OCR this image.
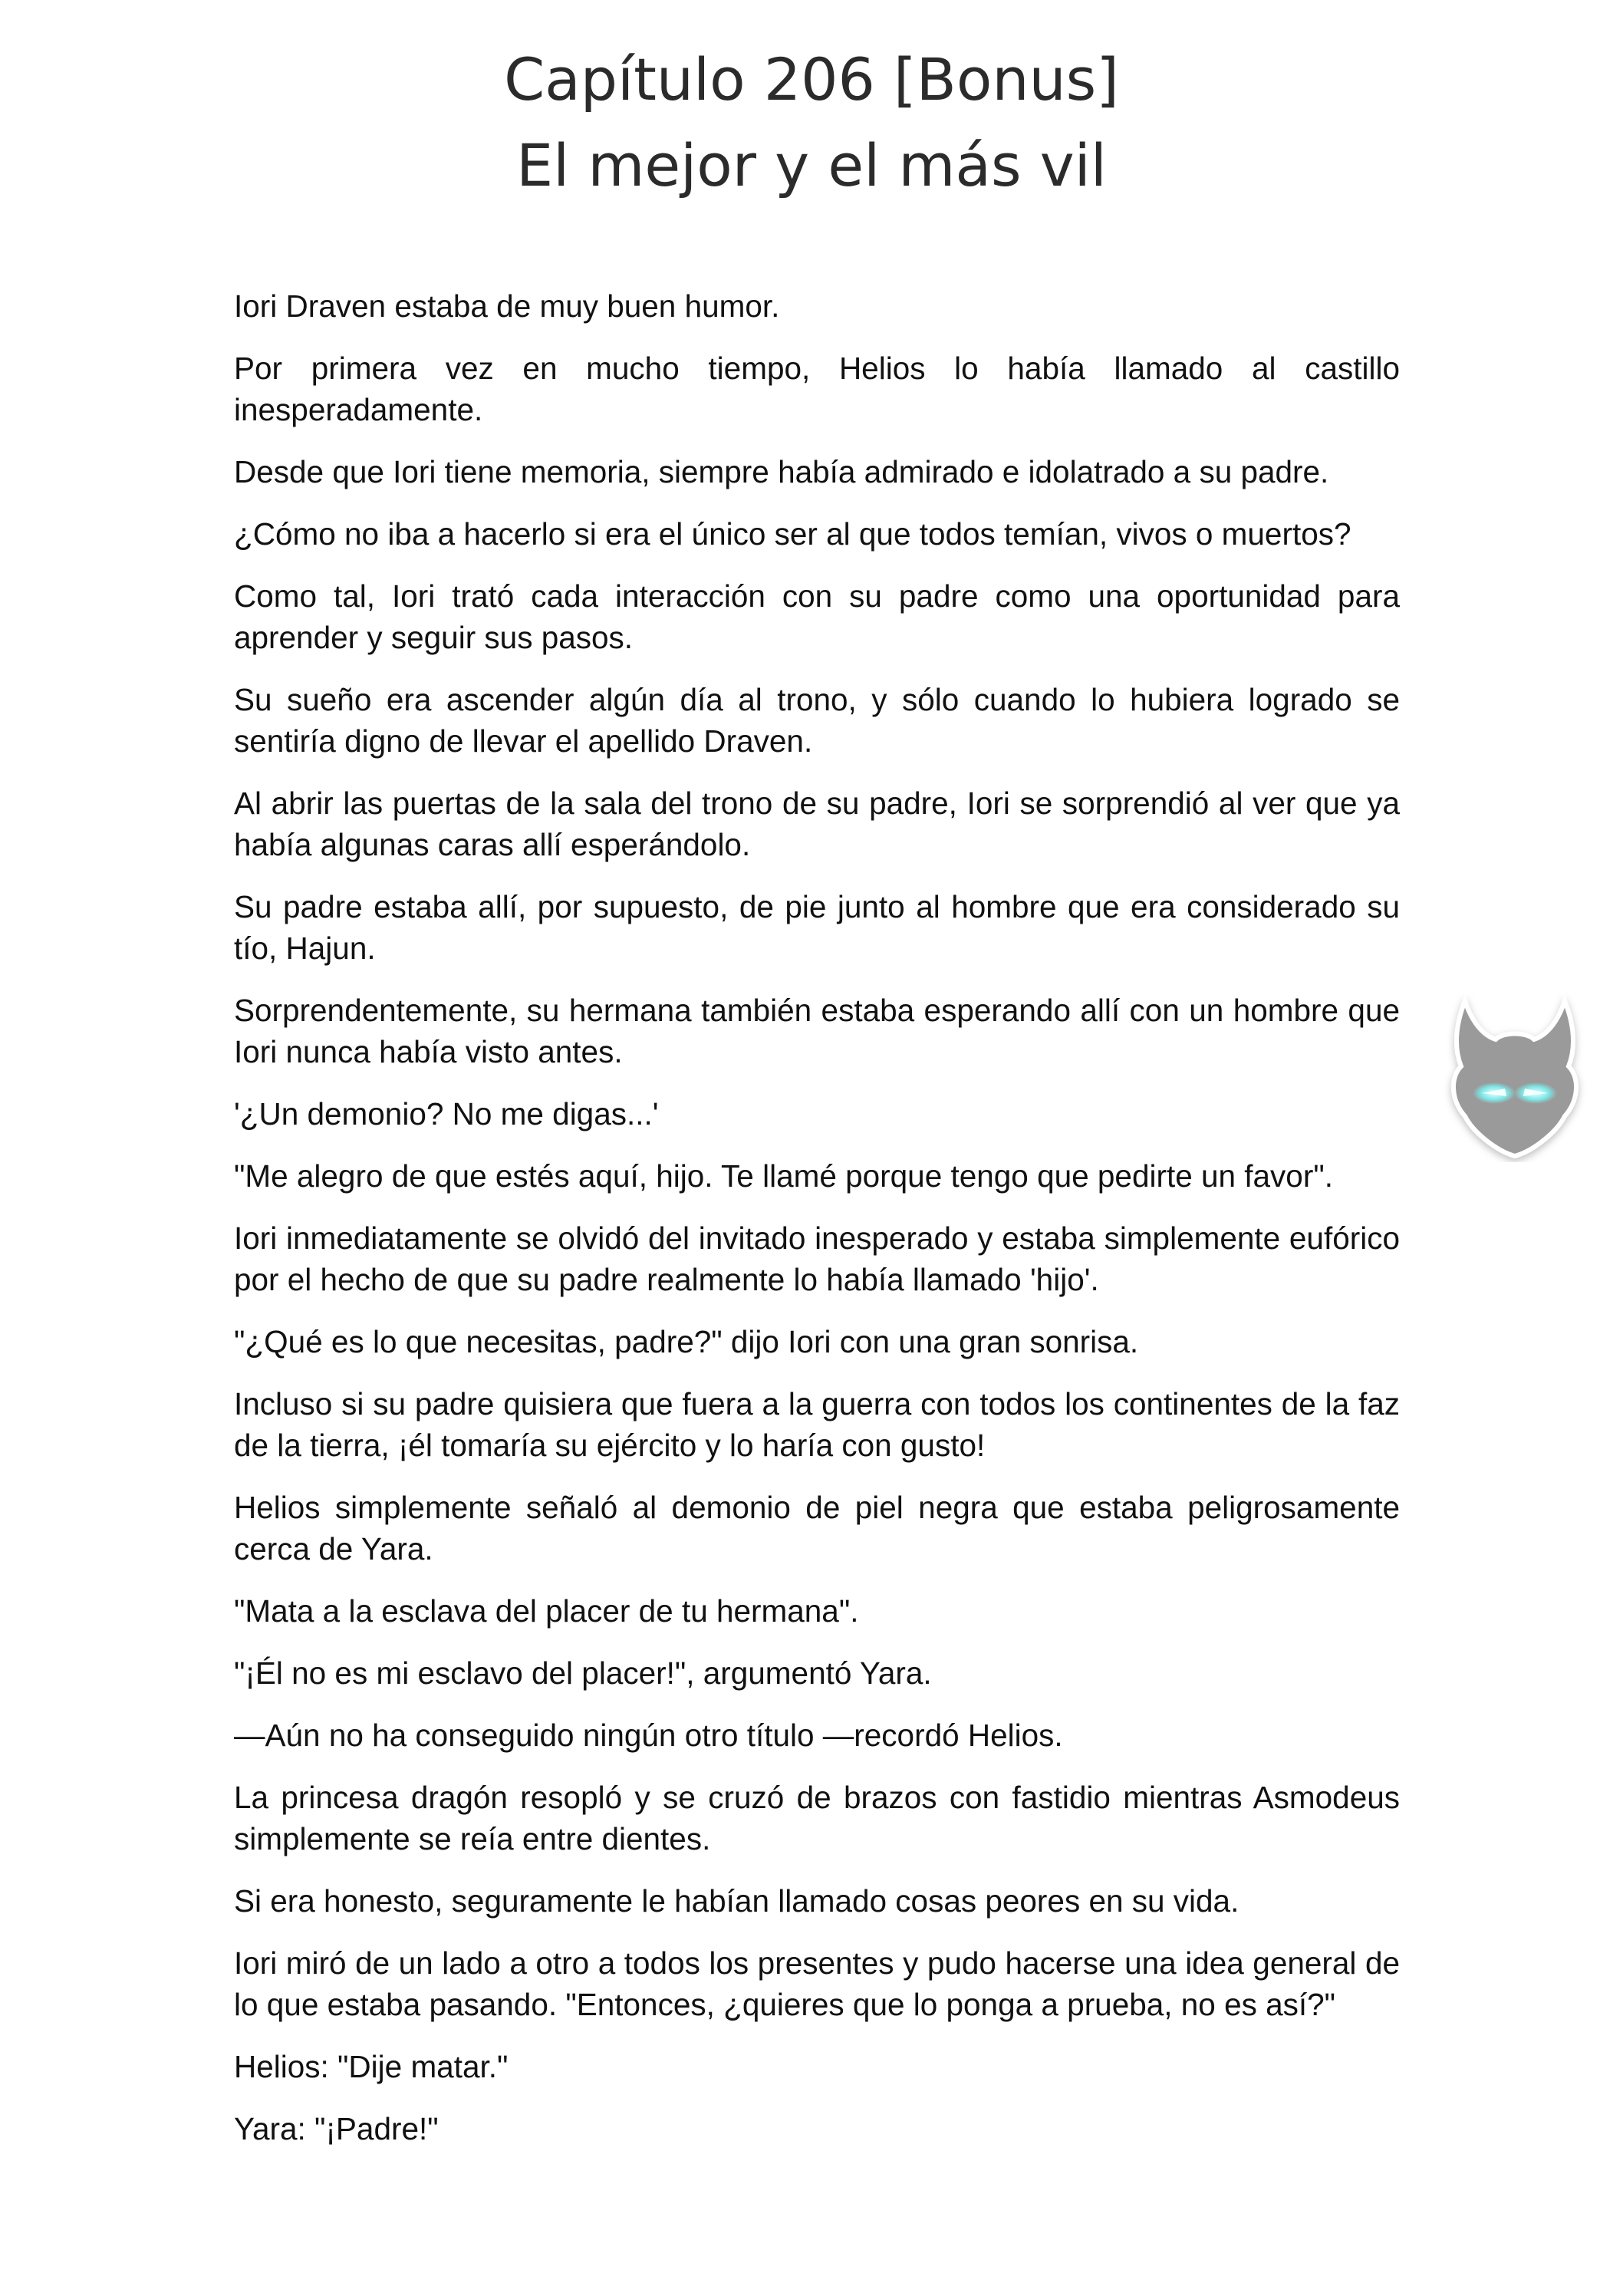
Capítulo 206 [Bonus]
El mejor y el más vil

Iori Draven estaba de muy buen humor.

Por primera vez en mucho tiempo, Helios lo había llamado al castillo inesperadamente.

Desde que Iori tiene memoria, siempre había admirado e idolatrado a su padre.

¿Cómo no iba a hacerlo si era el único ser al que todos temían, vivos o muertos?

Como tal, Iori trató cada interacción con su padre como una oportunidad para aprender y seguir sus pasos.

Su sueño era ascender algún día al trono, y sólo cuando lo hubiera logrado se sentiría digno de llevar el apellido Draven.

Al abrir las puertas de la sala del trono de su padre, Iori se sorprendió al ver que ya había algunas caras allí esperándolo.

Su padre estaba allí, por supuesto, de pie junto al hombre que era considerado su tío, Hajun.

Sorprendentemente, su hermana también estaba esperando allí con un hombre que Iori nunca había visto antes.

'¿Un demonio? No me digas...'

"Me alegro de que estés aquí, hijo. Te llamé porque tengo que pedirte un favor".

Iori inmediatamente se olvidó del invitado inesperado y estaba simplemente eufórico por el hecho de que su padre realmente lo había llamado 'hijo'.

"¿Qué es lo que necesitas, padre?" dijo Iori con una gran sonrisa.

Incluso si su padre quisiera que fuera a la guerra con todos los continentes de la faz de la tierra, ¡él tomaría su ejército y lo haría con gusto!

Helios simplemente señaló al demonio de piel negra que estaba peligrosamente cerca de Yara.

"Mata a la esclava del placer de tu hermana".

"¡Él no es mi esclavo del placer!", argumentó Yara.

—Aún no ha conseguido ningún otro título —recordó Helios.

La princesa dragón resopló y se cruzó de brazos con fastidio mientras Asmodeus simplemente se reía entre dientes.

Si era honesto, seguramente le habían llamado cosas peores en su vida.

Iori miró de un lado a otro a todos los presentes y pudo hacerse una idea general de lo que estaba pasando. "Entonces, ¿quieres que lo ponga a prueba, no es así?"

Helios: "Dije matar."

Yara: "¡Padre!"
